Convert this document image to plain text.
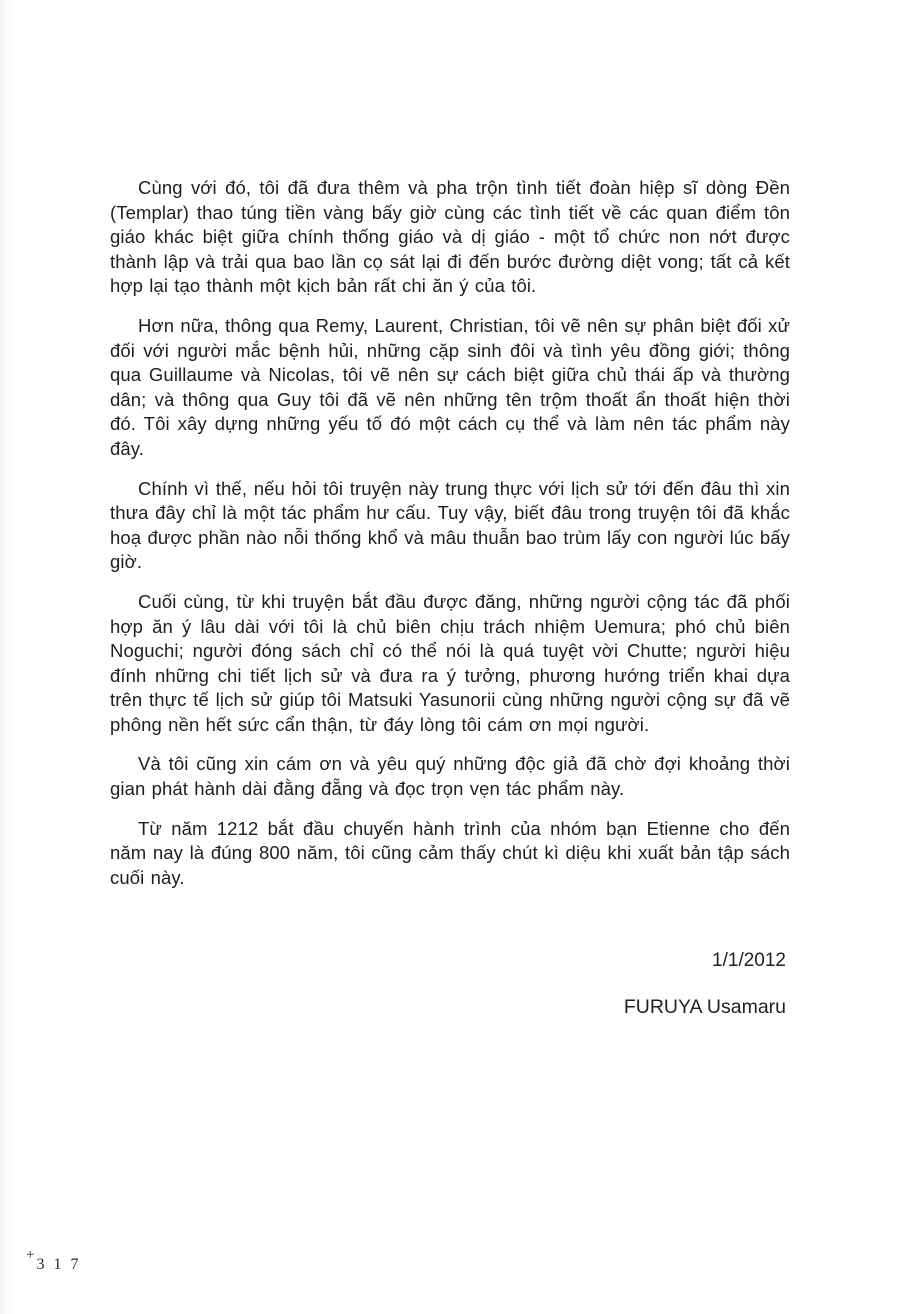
Cùng với đó, tôi đã đưa thêm và pha trộn tình tiết đoàn hiệp sĩ dòng Đền (Templar) thao túng tiền vàng bấy giờ cùng các tình tiết về các quan điểm tôn giáo khác biệt giữa chính thống giáo và dị giáo - một tổ chức non nớt được thành lập và trải qua bao lần cọ sát lại đi đến bước đường diệt vong; tất cả kết hợp lại tạo thành một kịch bản rất chi ăn ý của tôi.

Hơn nữa, thông qua Remy, Laurent, Christian, tôi vẽ nên sự phân biệt đối xử đối với người mắc bệnh hủi, những cặp sinh đôi và tình yêu đồng giới; thông qua Guillaume và Nicolas, tôi vẽ nên sự cách biệt giữa chủ thái ấp và thường dân; và thông qua Guy tôi đã vẽ nên những tên trộm thoất ẩn thoất hiện thời đó. Tôi xây dựng những yếu tố đó một cách cụ thể và làm nên tác phẩm này đây.

Chính vì thế, nếu hỏi tôi truyện này trung thực với lịch sử tới đến đâu thì xin thưa đây chỉ là một tác phẩm hư cấu. Tuy vậy, biết đâu trong truyện tôi đã khắc hoạ được phần nào nỗi thống khổ và mâu thuẫn bao trùm lấy con người lúc bấy giờ.

Cuối cùng, từ khi truyện bắt đầu được đăng, những người cộng tác đã phối hợp ăn ý lâu dài với tôi là chủ biên chịu trách nhiệm Uemura; phó chủ biên Noguchi; người đóng sách chỉ có thể nói là quá tuyệt vời Chutte; người hiệu đính những chi tiết lịch sử và đưa ra ý tưởng, phương hướng triển khai dựa trên thực tế lịch sử giúp tôi Matsuki Yasunorii cùng những người cộng sự đã vẽ phông nền hết sức cẩn thận, từ đáy lòng tôi cám ơn mọi người.

Và tôi cũng xin cám ơn và yêu quý những độc giả đã chờ đợi khoảng thời gian phát hành dài đằng đẵng và đọc trọn vẹn tác phẩm này.

Từ năm 1212 bắt đầu chuyến hành trình của nhóm bạn Etienne cho đến năm nay là đúng 800 năm, tôi cũng cảm thấy chút kì diệu khi xuất bản tập sách cuối này.

1/1/2012
FURUYA Usamaru
+317
